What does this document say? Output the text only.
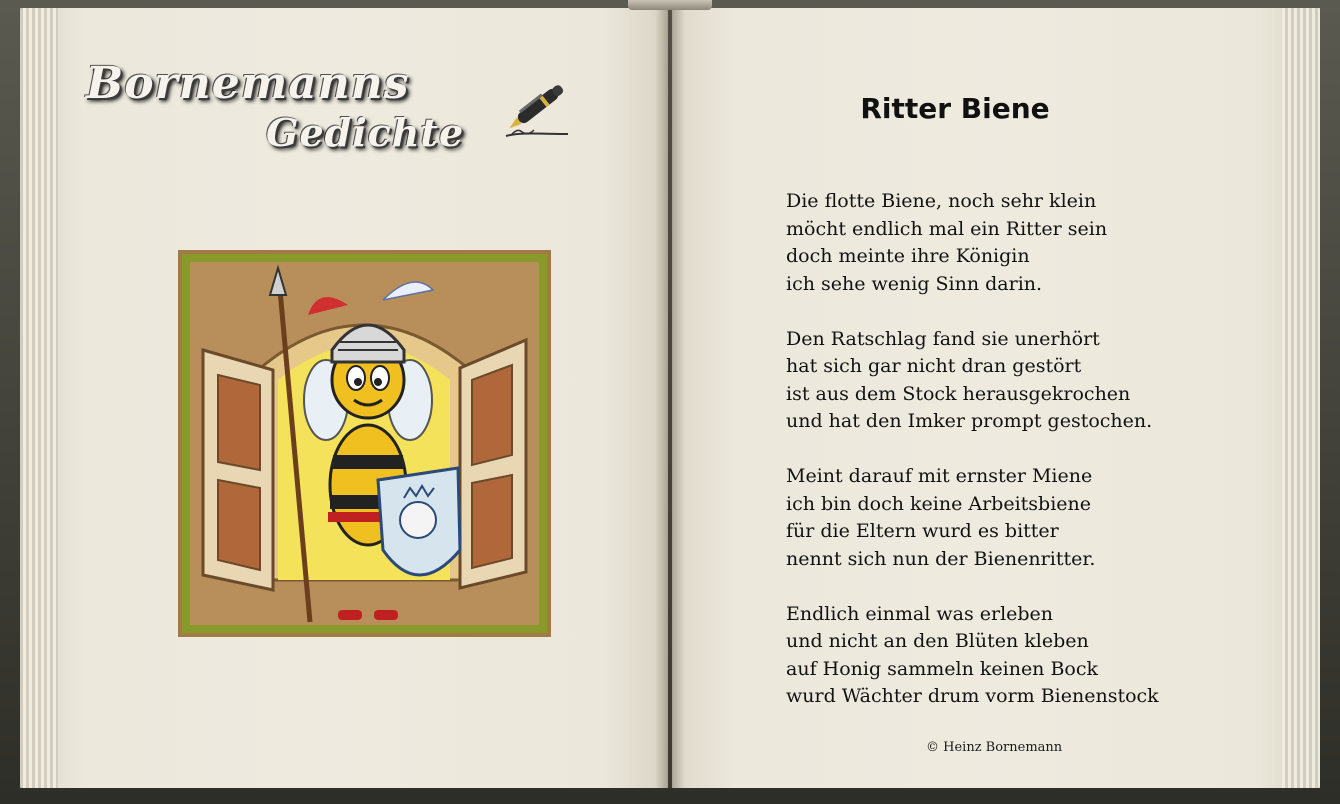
Bornemanns
Gedichte
Ritter Biene
Die flotte Biene, noch sehr klein
möcht endlich mal ein Ritter sein
doch meinte ihre Königin
ich sehe wenig Sinn darin.
Den Ratschlag fand sie unerhört
hat sich gar nicht dran gestört
ist aus dem Stock herausgekrochen
und hat den Imker prompt gestochen.
Meint darauf mit ernster Miene
ich bin doch keine Arbeitsbiene
für die Eltern wurd es bitter
nennt sich nun der Bienenritter.
Endlich einmal was erleben
und nicht an den Blüten kleben
auf Honig sammeln keinen Bock
wurd Wächter drum vorm Bienenstock
© Heinz Bornemann
